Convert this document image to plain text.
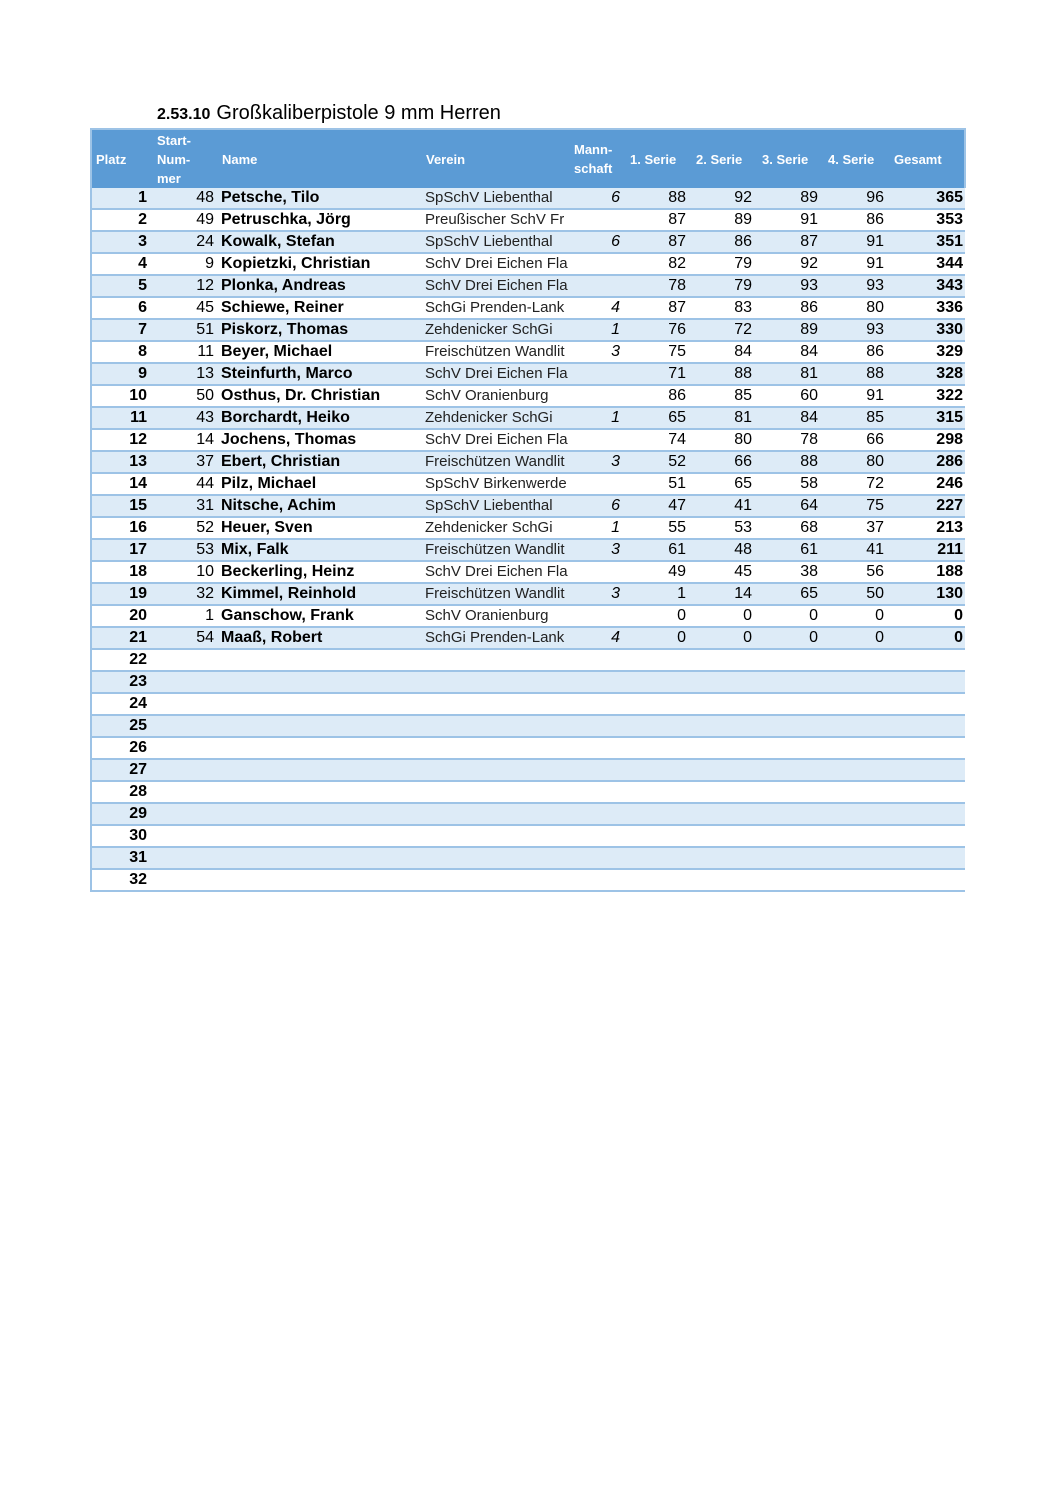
2.53.10 Großkaliberpistole 9 mm Herren
Platz	Start-
Num-
mer	Name	Verein	Mann-
schaft	1. Serie	2. Serie	3. Serie	4. Serie	Gesamt
1	48	Petsche, Tilo	SpSchV Liebenthal	6	88	92	89	96	365
2	49	Petruschka, Jörg	Preußischer SchV Fr		87	89	91	86	353
3	24	Kowalk, Stefan	SpSchV Liebenthal	6	87	86	87	91	351
4	9	Kopietzki, Christian	SchV Drei Eichen Fla		82	79	92	91	344
5	12	Plonka, Andreas	SchV Drei Eichen Fla		78	79	93	93	343
6	45	Schiewe, Reiner	SchGi Prenden-Lank	4	87	83	86	80	336
7	51	Piskorz, Thomas	Zehdenicker SchGi	1	76	72	89	93	330
8	11	Beyer, Michael	Freischützen Wandlit	3	75	84	84	86	329
9	13	Steinfurth, Marco	SchV Drei Eichen Fla		71	88	81	88	328
10	50	Osthus, Dr. Christian	SchV Oranienburg		86	85	60	91	322
11	43	Borchardt, Heiko	Zehdenicker SchGi	1	65	81	84	85	315
12	14	Jochens, Thomas	SchV Drei Eichen Fla		74	80	78	66	298
13	37	Ebert, Christian	Freischützen Wandlit	3	52	66	88	80	286
14	44	Pilz, Michael	SpSchV Birkenwerde		51	65	58	72	246
15	31	Nitsche, Achim	SpSchV Liebenthal	6	47	41	64	75	227
16	52	Heuer, Sven	Zehdenicker SchGi	1	55	53	68	37	213
17	53	Mix, Falk	Freischützen Wandlit	3	61	48	61	41	211
18	10	Beckerling, Heinz	SchV Drei Eichen Fla		49	45	38	56	188
19	32	Kimmel, Reinhold	Freischützen Wandlit	3	1	14	65	50	130
20	1	Ganschow, Frank	SchV Oranienburg		0	0	0	0	0
21	54	Maaß, Robert	SchGi Prenden-Lank	4	0	0	0	0	0
22									
23									
24									
25									
26									
27									
28									
29									
30									
31									
32									
